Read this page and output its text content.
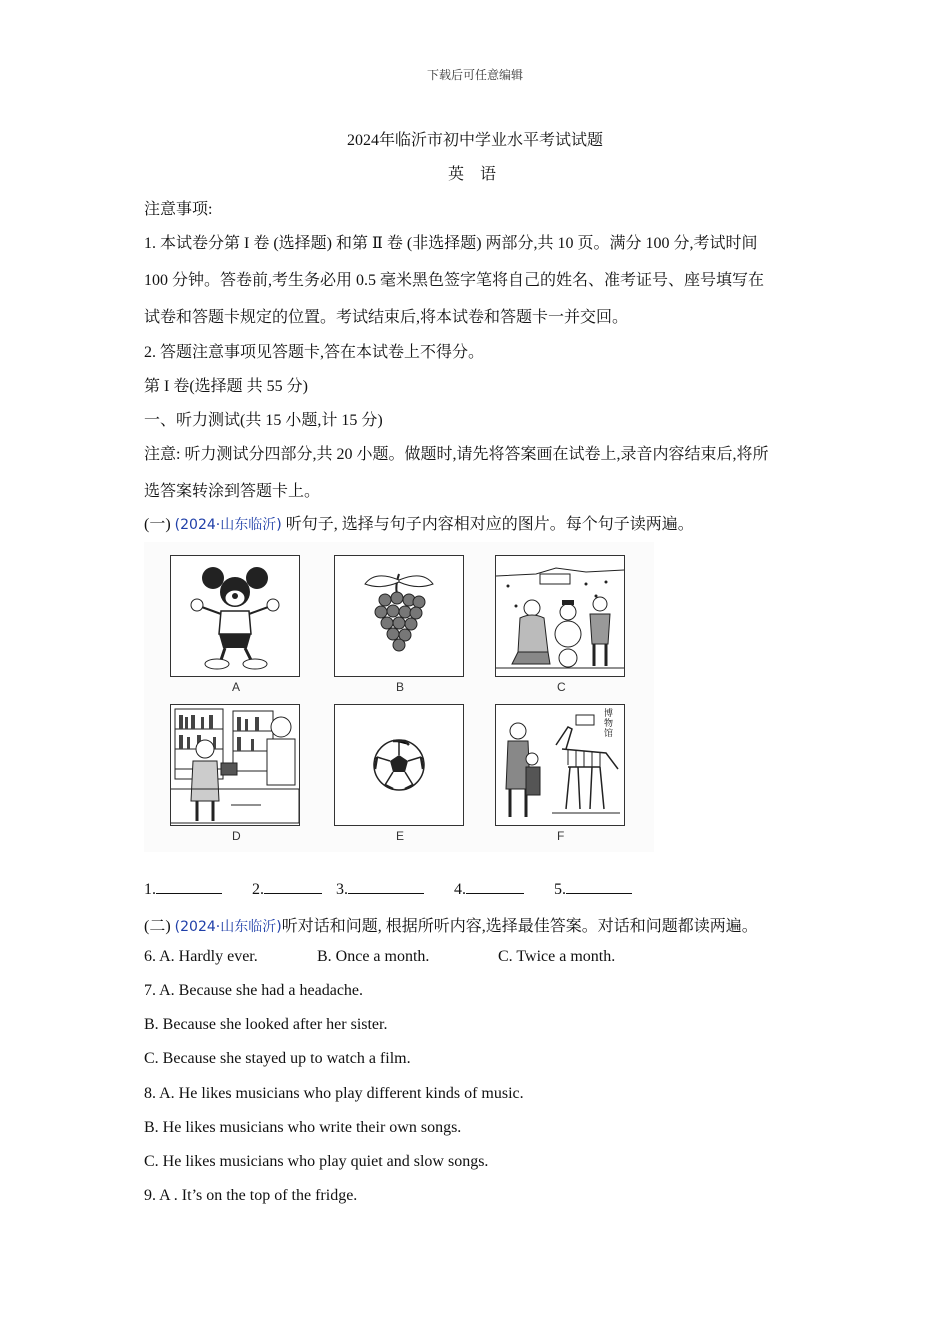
下载后可任意编辑
2024年临沂市初中学业水平考试试题
英 语
注意事项:
1. 本试卷分第 I 卷 (选择题) 和第 Ⅱ 卷 (非选择题) 两部分,共 10 页。满分 100 分,考试时间
100 分钟。答卷前,考生务必用 0.5 毫米黑色签字笔将自己的姓名、准考证号、座号填写在
试卷和答题卡规定的位置。考试结束后,将本试卷和答题卡一并交回。
2. 答题注意事项见答题卡,答在本试卷上不得分。
第 I 卷(选择题 共 55 分)
一、听力测试(共 15 小题,计 15 分)
注意: 听力测试分四部分,共 20 小题。做题时,请先将答案画在试卷上,录音内容结束后,将所
选答案转涂到答题卡上。
(一) (2024·山东临沂) 听句子, 选择与句子内容相对应的图片。每个句子读两遍。
A	B	C
D	E
博物馆
F
1.	2.	3.	4.	5.
(二) (2024·山东临沂)听对话和问题, 根据所听内容,选择最佳答案。对话和问题都读两遍。
6. A. Hardly ever.	B. Once a month.	C. Twice a month.
7. A. Because she had a headache.
B. Because she looked after her sister.
C. Because she stayed up to watch a film.
8. A. He likes musicians who play different kinds of music.
B. He likes musicians who write their own songs.
C. He likes musicians who play quiet and slow songs.
9. A . It’s on the top of the fridge.
